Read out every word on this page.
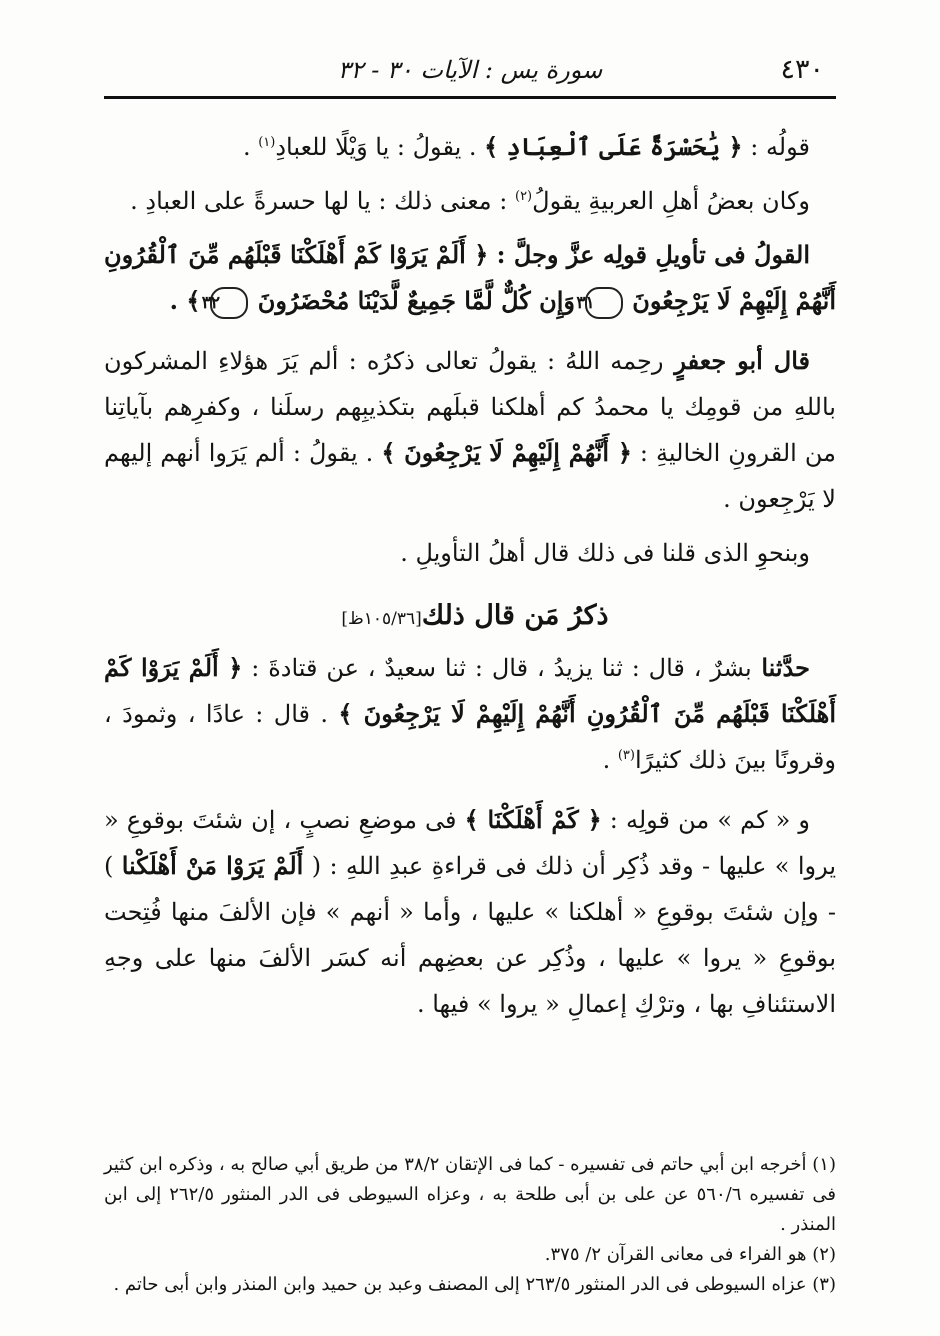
٤٣٠
سورة يس : الآيات ٣٠ - ٣٢

قولُه : ﴿ يَٰحَسْرَةً عَلَى ٱلْعِبَادِ ﴾ . يقولُ : يا وَيْلًا للعبادِ$^{(١)}$ .

وكان بعضُ أهلِ العربيةِ يقولُ$^{(٢)}$ : معنى ذلك : يا لها حسرةً على العبادِ .

القولُ فى تأويلِ قولِه عزَّ وجلَّ : ﴿ أَلَمْ يَرَوْا كَمْ أَهْلَكْنَا قَبْلَهُم مِّنَ ٱلْقُرُونِ أَنَّهُمْ إِلَيْهِمْ لَا يَرْجِعُونَ ٣١ وَإِن كُلٌّ لَّمَّا جَمِيعٌ لَّدَيْنَا مُحْضَرُونَ ٣٢ ﴾ .

قال أبو جعفرٍ رحِمه اللهُ : يقولُ تعالى ذكرُه : ألم يَرَ هؤلاءِ المشركون باللهِ من قومِك يا محمدُ كم أهلكنا قبلَهم بتكذيبِهم رسلَنا ، وكفرِهم بآياتِنا من القرونِ الخاليةِ : ﴿ أَنَّهُمْ إِلَيْهِمْ لَا يَرْجِعُونَ ﴾ . يقولُ : ألم يَرَوا أنهم إليهم لا يَرْجِعون .

وبنحوِ الذى قلنا فى ذلك قال أهلُ التأويلِ .

ذكرُ مَن قال ذلك[١٠٥/٣٦ظ]

حدَّثنا بشرٌ ، قال : ثنا يزيدُ ، قال : ثنا سعيدٌ ، عن قتادةَ : ﴿ أَلَمْ يَرَوْا كَمْ أَهْلَكْنَا قَبْلَهُم مِّنَ ٱلْقُرُونِ أَنَّهُمْ إِلَيْهِمْ لَا يَرْجِعُونَ ﴾ . قال : عادًا ، وثمودَ ، وقرونًا بينَ ذلك كثيرًا$^{(٣)}$ .

و « كم » من قولِه : ﴿ كَمْ أَهْلَكْنَا ﴾ فى موضعِ نصبٍ ، إن شئتَ بوقوعِ « يروا » عليها - وقد ذُكِر أن ذلك فى قراءةِ عبدِ اللهِ : ( أَلَمْ يَرَوْا مَنْ أَهْلَكْنا ) - وإن شئتَ بوقوعِ « أهلكنا » عليها ، وأما « أنهم » فإن الألفَ منها فُتِحت بوقوعِ « يروا » عليها ، وذُكِر عن بعضِهم أنه كسَر الألفَ منها على وجهِ الاستئنافِ بها ، وترْكِ إعمالِ « يروا » فيها .

(١) أخرجه ابن أبي حاتم فى تفسيره - كما فى الإتقان ٣٨/٢ من طريق أبي صالح به ، وذكره ابن كثير فى تفسيره ٥٦٠/٦ عن على بن أبى طلحة به ، وعزاه السيوطى فى الدر المنثور ٢٦٢/٥ إلى ابن المنذر .

(٢) هو الفراء فى معانى القرآن ٢/ ٣٧٥.

(٣) عزاه السيوطى فى الدر المنثور ٢٦٣/٥ إلى المصنف وعبد بن حميد وابن المنذر وابن أبى حاتم .
